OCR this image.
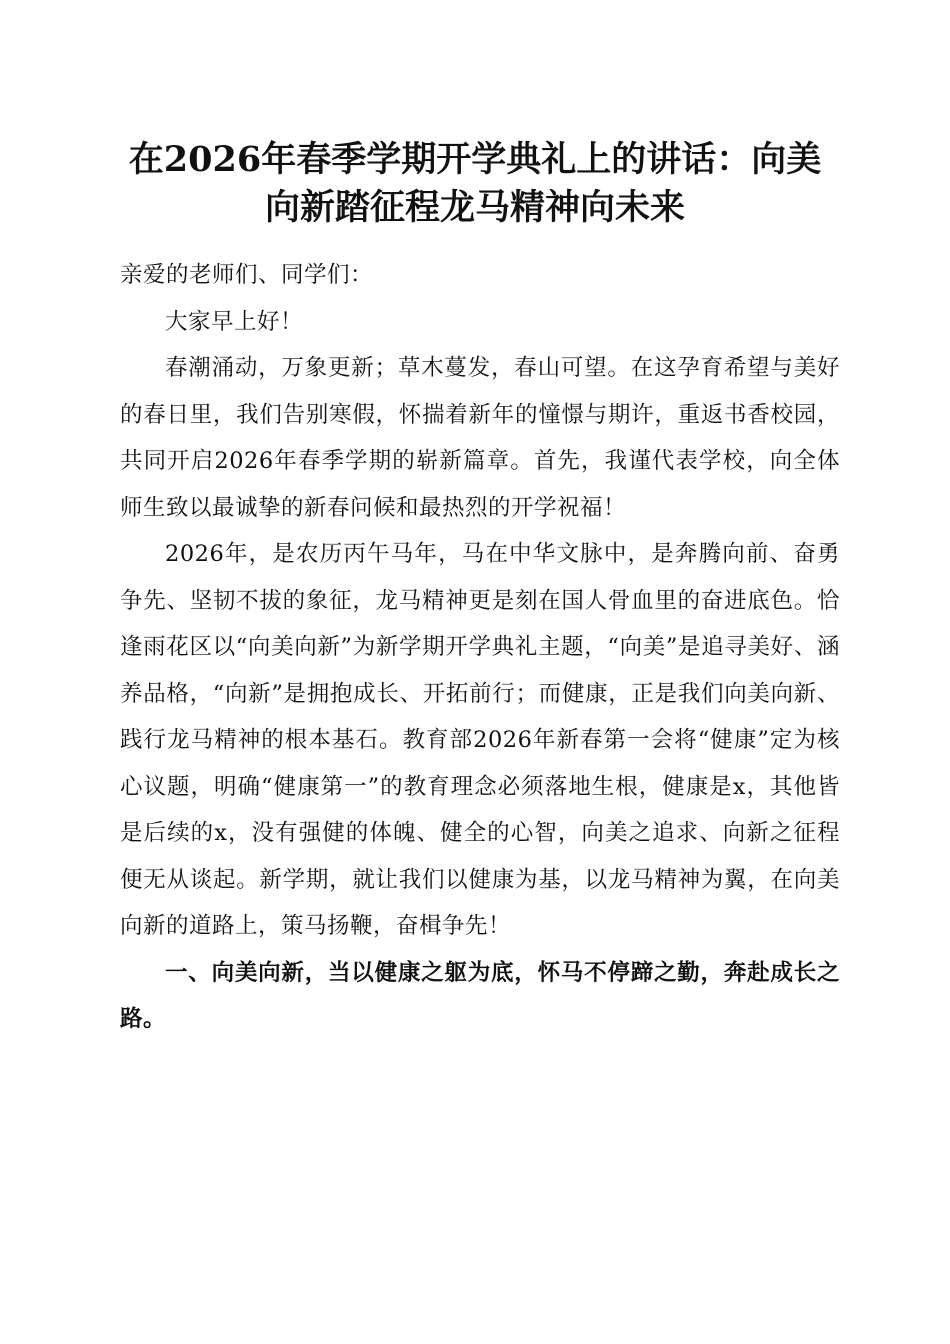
在2026年春季学期开学典礼上的讲话：向美
向新踏征程龙马精神向未来

亲爱的老师们、同学们：

大家早上好！

春潮涌动，万象更新；草木蔓发，春山可望。在这孕育希望与美好的春日里，我们告别寒假，怀揣着新年的憧憬与期许，重返书香校园，共同开启2026年春季学期的崭新篇章。首先，我谨代表学校，向全体师生致以最诚挚的新春问候和最热烈的开学祝福！

2026年，是农历丙午马年，马在中华文脉中，是奔腾向前、奋勇争先、坚韧不拔的象征，龙马精神更是刻在国人骨血里的奋进底色。恰逢雨花区以“向美向新”为新学期开学典礼主题，“向美”是追寻美好、涵养品格，“向新”是拥抱成长、开拓前行；而健康，正是我们向美向新、践行龙马精神的根本基石。教育部2026年新春第一会将“健康”定为核心议题，明确“健康第一”的教育理念必须落地生根，健康是x，其他皆是后续的x，没有强健的体魄、健全的心智，向美之追求、向新之征程便无从谈起。新学期，就让我们以健康为基，以龙马精神为翼，在向美向新的道路上，策马扬鞭，奋楫争先！

一、向美向新，当以健康之躯为底，怀马不停蹄之勤，奔赴成长之路。
